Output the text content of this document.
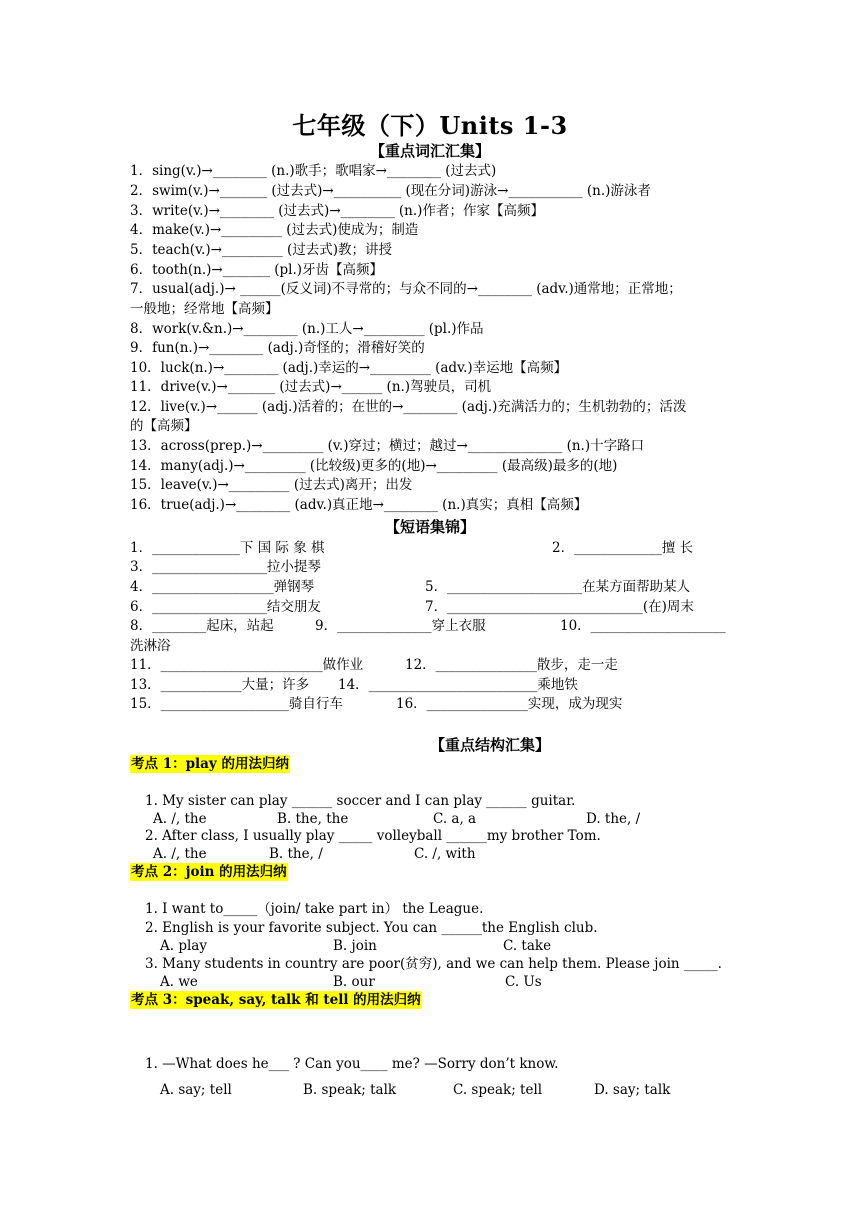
七年级（下）Units 1-3
【重点词汇汇集】
1．sing(v.)→________ (n.)歌手；歌唱家→________ (过去式)
2．swim(v.)→_______ (过去式)→__________ (现在分词)游泳→___________ (n.)游泳者
3．write(v.)→________ (过去式)→________ (n.)作者；作家【高频】
4．make(v.)→_________ (过去式)使成为；制造
5．teach(v.)→_________ (过去式)教；讲授
6．tooth(n.)→_______ (pl.)牙齿【高频】
7．usual(adj.)→ ______(反义词)不寻常的；与众不同的→________ (adv.)通常地；正常地；
一般地；经常地【高频】
8．work(v.&n.)→________ (n.)工人→_________ (pl.)作品
9．fun(n.)→________ (adj.)奇怪的；滑稽好笑的
10．luck(n.)→________ (adj.)幸运的→_________ (adv.)幸运地【高频】
11．drive(v.)→_______ (过去式)→______ (n.)驾驶员，司机
12．live(v.)→______ (adj.)活着的；在世的→________ (adj.)充满活力的；生机勃勃的；活泼
的【高频】
13．across(prep.)→_________ (v.)穿过；横过；越过→______________ (n.)十字路口
14．many(adj.)→_________ (比较级)更多的(地)→_________ (最高级)最多的(地)
15．leave(v.)→_________ (过去式)离开；出发
16．true(adj.)→________ (adv.)真正地→________ (n.)真实；真相【高频】
【短语集锦】
1．_____________下 国 际 象 棋	2．_____________擅 长
3．_________________拉小提琴
4．__________________弹钢琴	5．____________________在某方面帮助某人
6．_________________结交朋友	7．_____________________________(在)周末
8．________起床，站起	9．______________穿上衣服	10．____________________
洗淋浴
11．________________________做作业	12．_______________散步，走一走
13．____________大量；许多 14．_________________________乘地铁
15．___________________骑自行车	16．_______________实现，成为现实
【重点结构汇集】
考点 1：play 的用法归纳
1. My sister can play ______ soccer and I can play ______ guitar.
A. /, the	B. the, the	C. a, a	D. the, /
2. After class, I usually play _____ volleyball ______my brother Tom.
A. /, the	B. the, /	C. /, with
考点 2：join 的用法归纳
1. I want to_____（join/ take part in） the League.
2. English is your favorite subject. You can ______the English club.
A. play	B. join	C. take
3. Many students in country are poor(贫穷), and we can help them. Please join _____.
A. we	B. our	C. Us
考点 3：speak, say, talk 和 tell 的用法归纳
1. —What does he___ ? Can you____ me? —Sorry don’t know.
A. say; tell	B. speak; talk	C. speak; tell	D. say; talk
